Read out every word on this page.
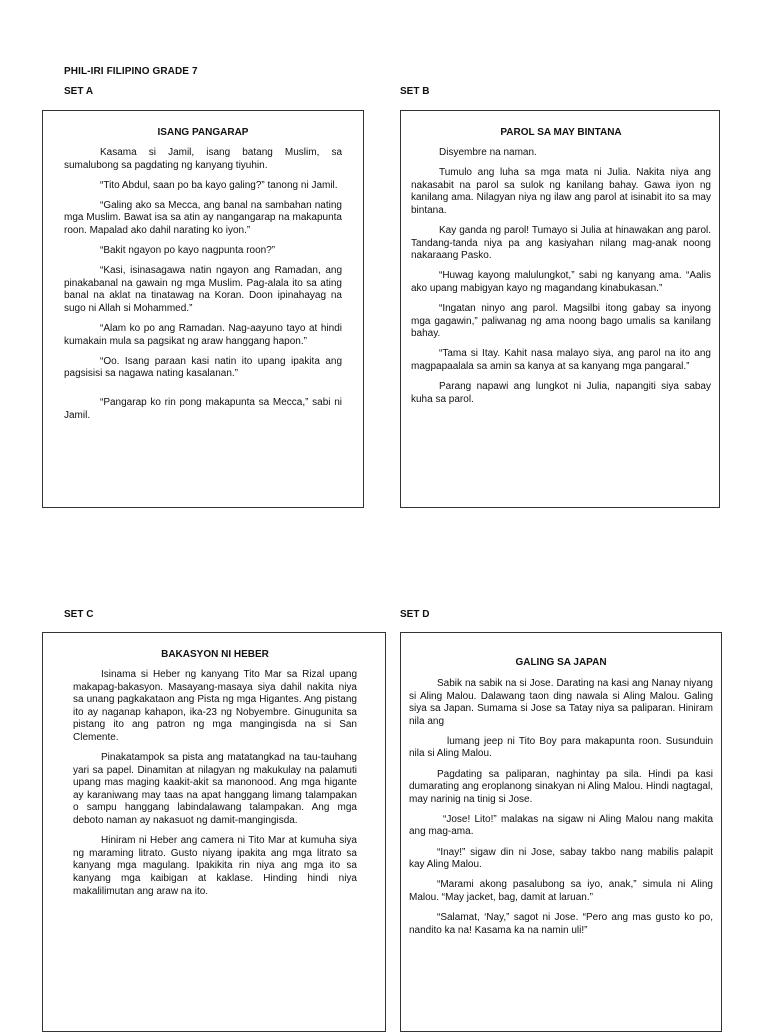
PHIL-IRI FILIPINO GRADE 7
SET A
ISANG PANGARAP

Kasama si Jamil, isang batang Muslim, sa sumalubong sa pagdating ng kanyang tiyuhin.

“Tito Abdul, saan po ba kayo galing?” tanong ni Jamil.

“Galing ako sa Mecca, ang banal na sambahan nating mga Muslim. Bawat isa sa atin ay nangangarap na makapunta roon. Mapalad ako dahil narating ko iyon.”

“Bakit ngayon po kayo nagpunta roon?”

“Kasi, isinasagawa natin ngayon ang Ramadan, ang pinakabanal na gawain ng mga Muslim. Pag-alala ito sa ating banal na aklat na tinatawag na Koran. Doon ipinahayag na sugo ni Allah si Mohammed.”

“Alam ko po ang Ramadan. Nag-aayuno tayo at hindi kumakain mula sa pagsikat ng araw hanggang hapon.”

“Oo. Isang paraan kasi natin ito upang ipakita ang pagsisisi sa nagawa nating kasalanan.”

“Pangarap ko rin pong makapunta sa Mecca,” sabi ni Jamil.

SET B
PAROL SA MAY BINTANA

Disyembre na naman.

Tumulo ang luha sa mga mata ni Julia. Nakita niya ang nakasabit na parol sa sulok ng kanilang bahay. Gawa iyon ng kanilang ama. Nilagyan niya ng ilaw ang parol at isinabit ito sa may bintana.

Kay ganda ng parol! Tumayo si Julia at hinawakan ang parol. Tandang-tanda niya pa ang kasiyahan nilang mag-anak noong nakaraang Pasko.

“Huwag kayong malulungkot,” sabi ng kanyang ama. “Aalis ako upang mabigyan kayo ng magandang kinabukasan.”

“Ingatan ninyo ang parol. Magsilbi itong gabay sa inyong mga gagawin,” paliwanag ng ama noong bago umalis sa kanilang bahay.

“Tama si Itay. Kahit nasa malayo siya, ang parol na ito ang magpapaalala sa amin sa kanya at sa kanyang mga pangaral.”

Parang napawi ang lungkot ni Julia, napangiti siya sabay kuha sa parol.

SET C
BAKASYON NI HEBER

Isinama si Heber ng kanyang Tito Mar sa Rizal upang makapag-bakasyon. Masayang-masaya siya dahil nakita niya sa unang pagkakataon ang Pista ng mga Higantes. Ang pistang ito ay naganap kahapon, ika-23 ng Nobyembre. Ginugunita sa pistang ito ang patron ng mga mangingisda na si San Clemente.

Pinakatampok sa pista ang matatangkad na tau-tauhang yari sa papel. Dinamitan at nilagyan ng makukulay na palamuti upang mas maging kaakit-akit sa manonood. Ang mga higante ay karaniwang may taas na apat hanggang limang talampakan o sampu hanggang labindalawang talampakan. Ang mga deboto naman ay nakasuot ng damit-mangingisda.

Hiniram ni Heber ang camera ni Tito Mar at kumuha siya ng maraming litrato. Gusto niyang ipakita ang mga litrato sa kanyang mga magulang. Ipakikita rin niya ang mga ito sa kanyang mga kaibigan at kaklase. Hinding hindi niya makalilimutan ang araw na ito.

SET D
GALING SA JAPAN

Sabik na sabik na si Jose. Darating na kasi ang Nanay niyang si Aling Malou. Dalawang taon ding nawala si Aling Malou. Galing siya sa Japan. Sumama si Jose sa Tatay niya sa paliparan. Hiniram nila ang

lumang jeep ni Tito Boy para makapunta roon. Susunduin nila si Aling Malou.

Pagdating sa paliparan, naghintay pa sila. Hindi pa kasi dumarating ang eroplanong sinakyan ni Aling Malou. Hindi nagtagal, may narinig na tinig si Jose.

“Jose! Lito!” malakas na sigaw ni Aling Malou nang makita ang mag-ama.

“Inay!” sigaw din ni Jose, sabay takbo nang mabilis palapit kay Aling Malou.

“Marami akong pasalubong sa iyo, anak,” simula ni Aling Malou. “May jacket, bag, damit at laruan.”

“Salamat, ‘Nay,” sagot ni Jose. “Pero ang mas gusto ko po, nandito ka na! Kasama ka na namin uli!”
